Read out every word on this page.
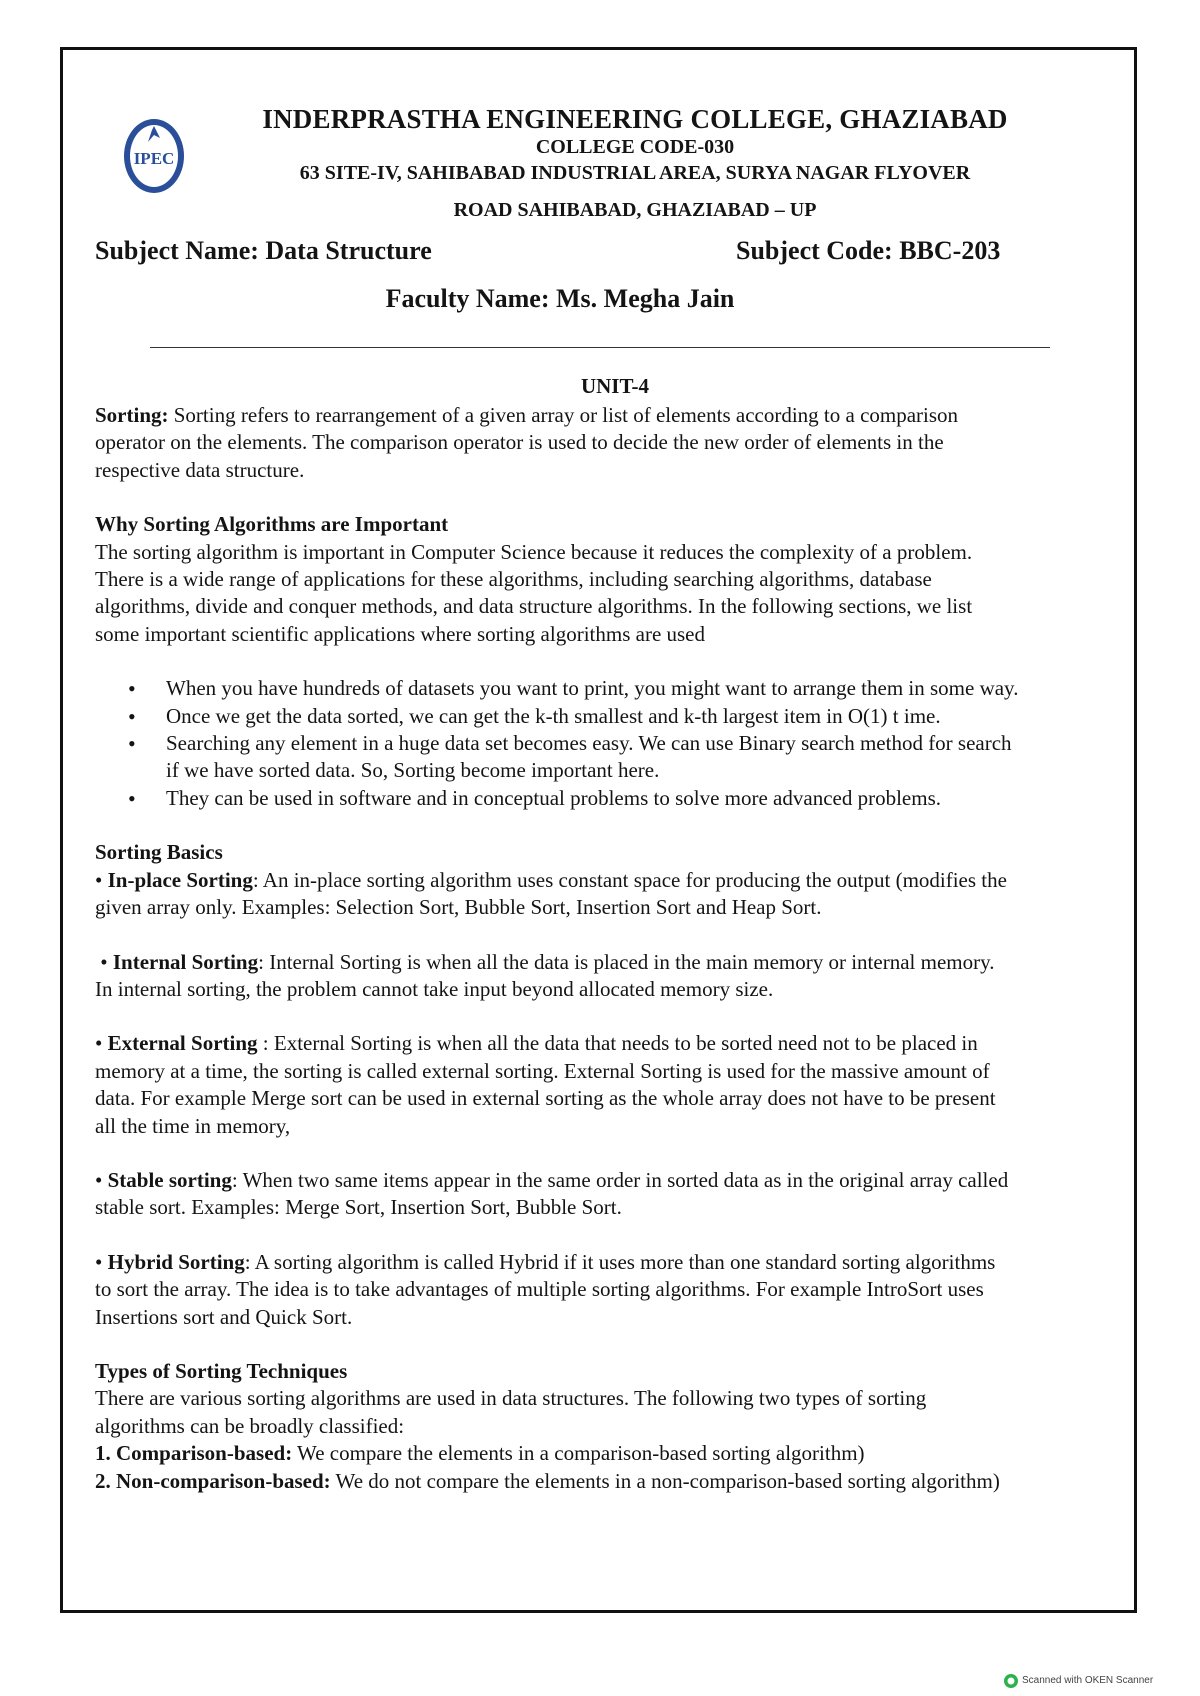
IPEC
INDERPRASTHA ENGINEERING COLLEGE, GHAZIABAD
COLLEGE CODE-030
63 SITE-IV, SAHIBABAD INDUSTRIAL AREA, SURYA NAGAR FLYOVER
ROAD SAHIBABAD, GHAZIABAD – UP
Subject Name: Data Structure	Subject Code: BBC-203
Faculty Name: Ms. Megha Jain
UNIT-4

Sorting: Sorting refers to rearrangement of a given array or list of elements according to a comparison

operator on the elements. The comparison operator is used to decide the new order of elements in the

respective data structure.

Why Sorting Algorithms are Important

The sorting algorithm is important in Computer Science because it reduces the complexity of a problem.

There is a wide range of applications for these algorithms, including searching algorithms, database

algorithms, divide and conquer methods, and data structure algorithms. In the following sections, we list

some important scientific applications where sorting algorithms are used

• When you have hundreds of datasets you want to print, you might want to arrange them in some way.
• Once we get the data sorted, we can get the k-th smallest and k-th largest item in O(1) t ime.
• Searching any element in a huge data set becomes easy. We can use Binary search method for search
if we have sorted data. So, Sorting become important here.
• They can be used in software and in conceptual problems to solve more advanced problems.

Sorting Basics

• In-place Sorting: An in-place sorting algorithm uses constant space for producing the output (modifies the

given array only. Examples: Selection Sort, Bubble Sort, Insertion Sort and Heap Sort.

• Internal Sorting: Internal Sorting is when all the data is placed in the main memory or internal memory.

In internal sorting, the problem cannot take input beyond allocated memory size.

• External Sorting : External Sorting is when all the data that needs to be sorted need not to be placed in

memory at a time, the sorting is called external sorting. External Sorting is used for the massive amount of

data. For example Merge sort can be used in external sorting as the whole array does not have to be present

all the time in memory,

• Stable sorting: When two same items appear in the same order in sorted data as in the original array called

stable sort. Examples: Merge Sort, Insertion Sort, Bubble Sort.

• Hybrid Sorting: A sorting algorithm is called Hybrid if it uses more than one standard sorting algorithms

to sort the array. The idea is to take advantages of multiple sorting algorithms. For example IntroSort uses

Insertions sort and Quick Sort.

Types of Sorting Techniques

There are various sorting algorithms are used in data structures. The following two types of sorting

algorithms can be broadly classified:

1. Comparison-based: We compare the elements in a comparison-based sorting algorithm)

2. Non-comparison-based: We do not compare the elements in a non-comparison-based sorting algorithm)

Scanned with OKEN Scanner
